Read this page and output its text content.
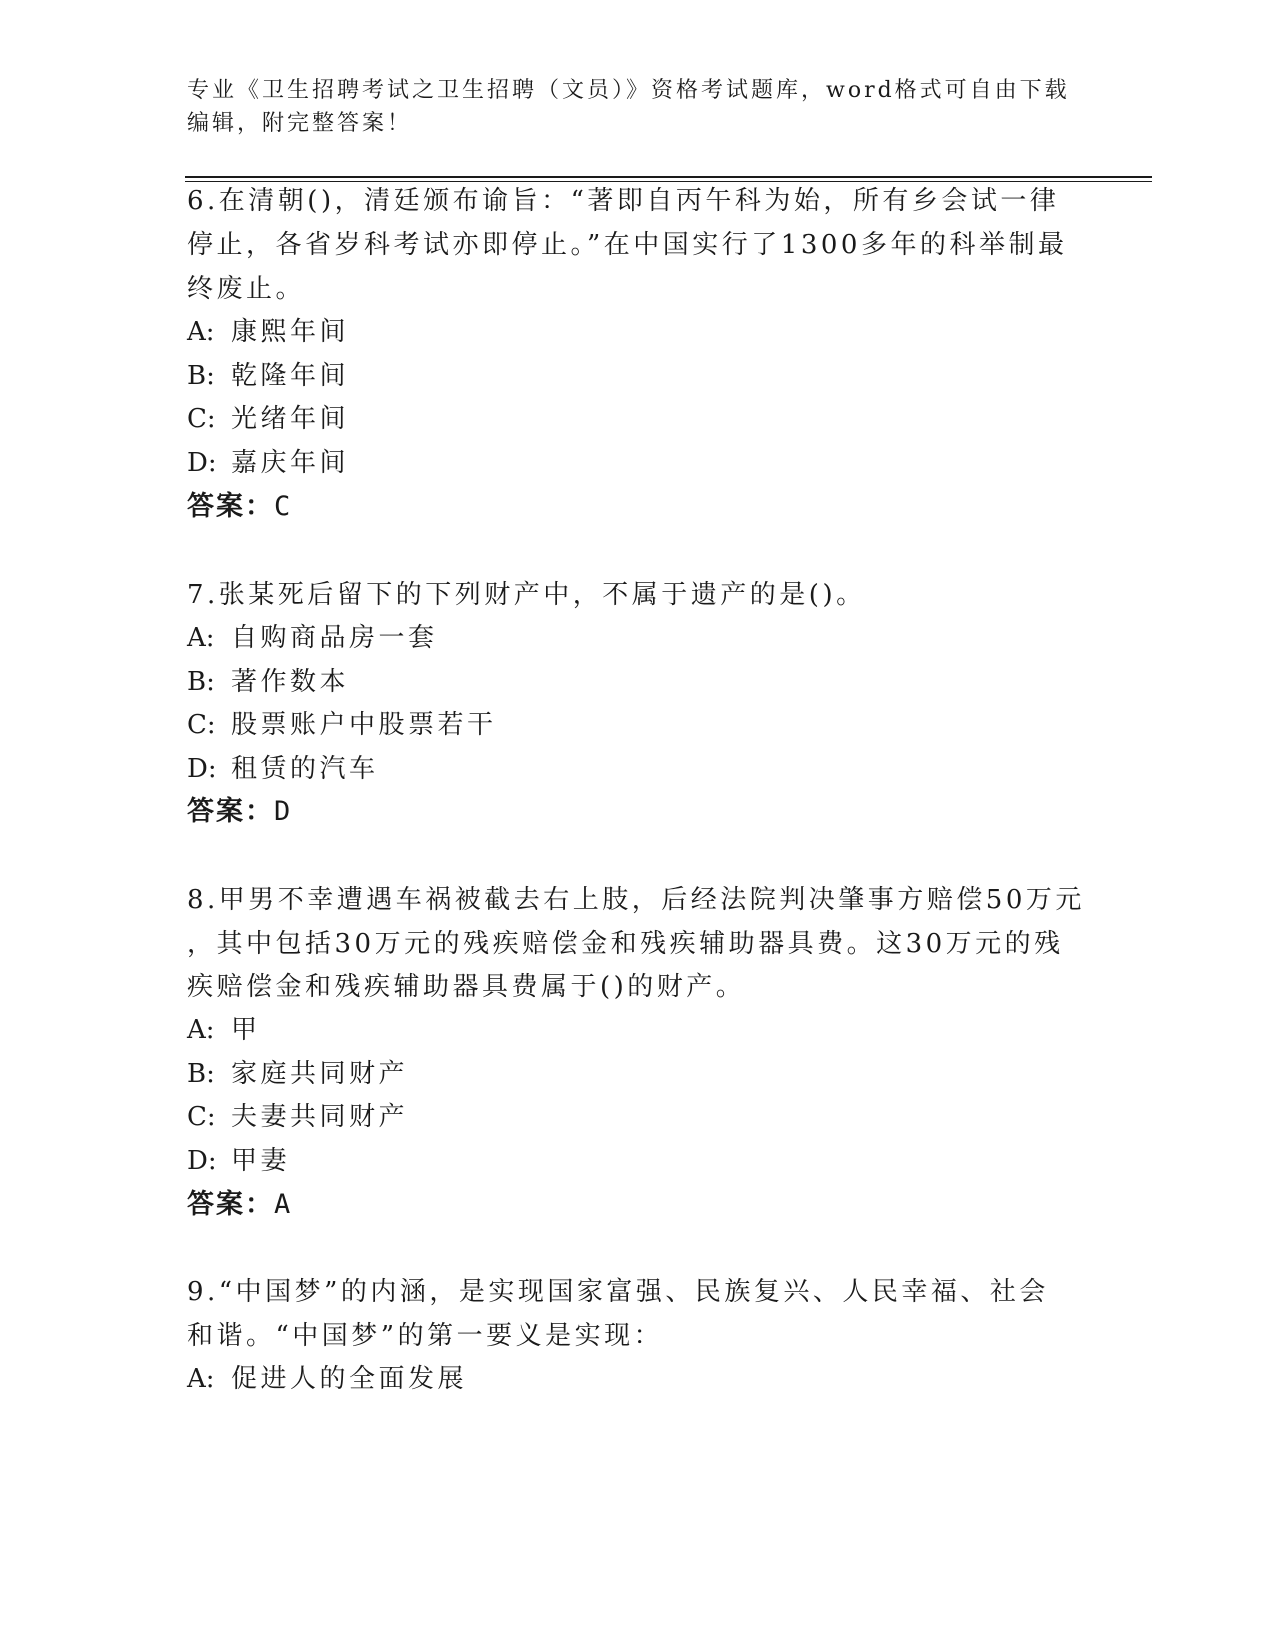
专业《卫生招聘考试之卫生招聘（文员）》资格考试题库，word格式可自由下载
编辑，附完整答案！
6.在清朝()，清廷颁布谕旨：“著即自丙午科为始，所有乡会试一律
停止，各省岁科考试亦即停止。”在中国实行了1300多年的科举制最
终废止。
A: 康熙年间
B: 乾隆年间
C: 光绪年间
D: 嘉庆年间
答案：C
7.张某死后留下的下列财产中，不属于遗产的是()。
A: 自购商品房一套
B: 著作数本
C: 股票账户中股票若干
D: 租赁的汽车
答案：D
8.甲男不幸遭遇车祸被截去右上肢，后经法院判决肇事方赔偿50万元
，其中包括30万元的残疾赔偿金和残疾辅助器具费。这30万元的残
疾赔偿金和残疾辅助器具费属于()的财产。
A: 甲
B: 家庭共同财产
C: 夫妻共同财产
D: 甲妻
答案：A
9.“中国梦”的内涵，是实现国家富强、民族复兴、人民幸福、社会
和谐。“中国梦”的第一要义是实现：
A: 促进人的全面发展
